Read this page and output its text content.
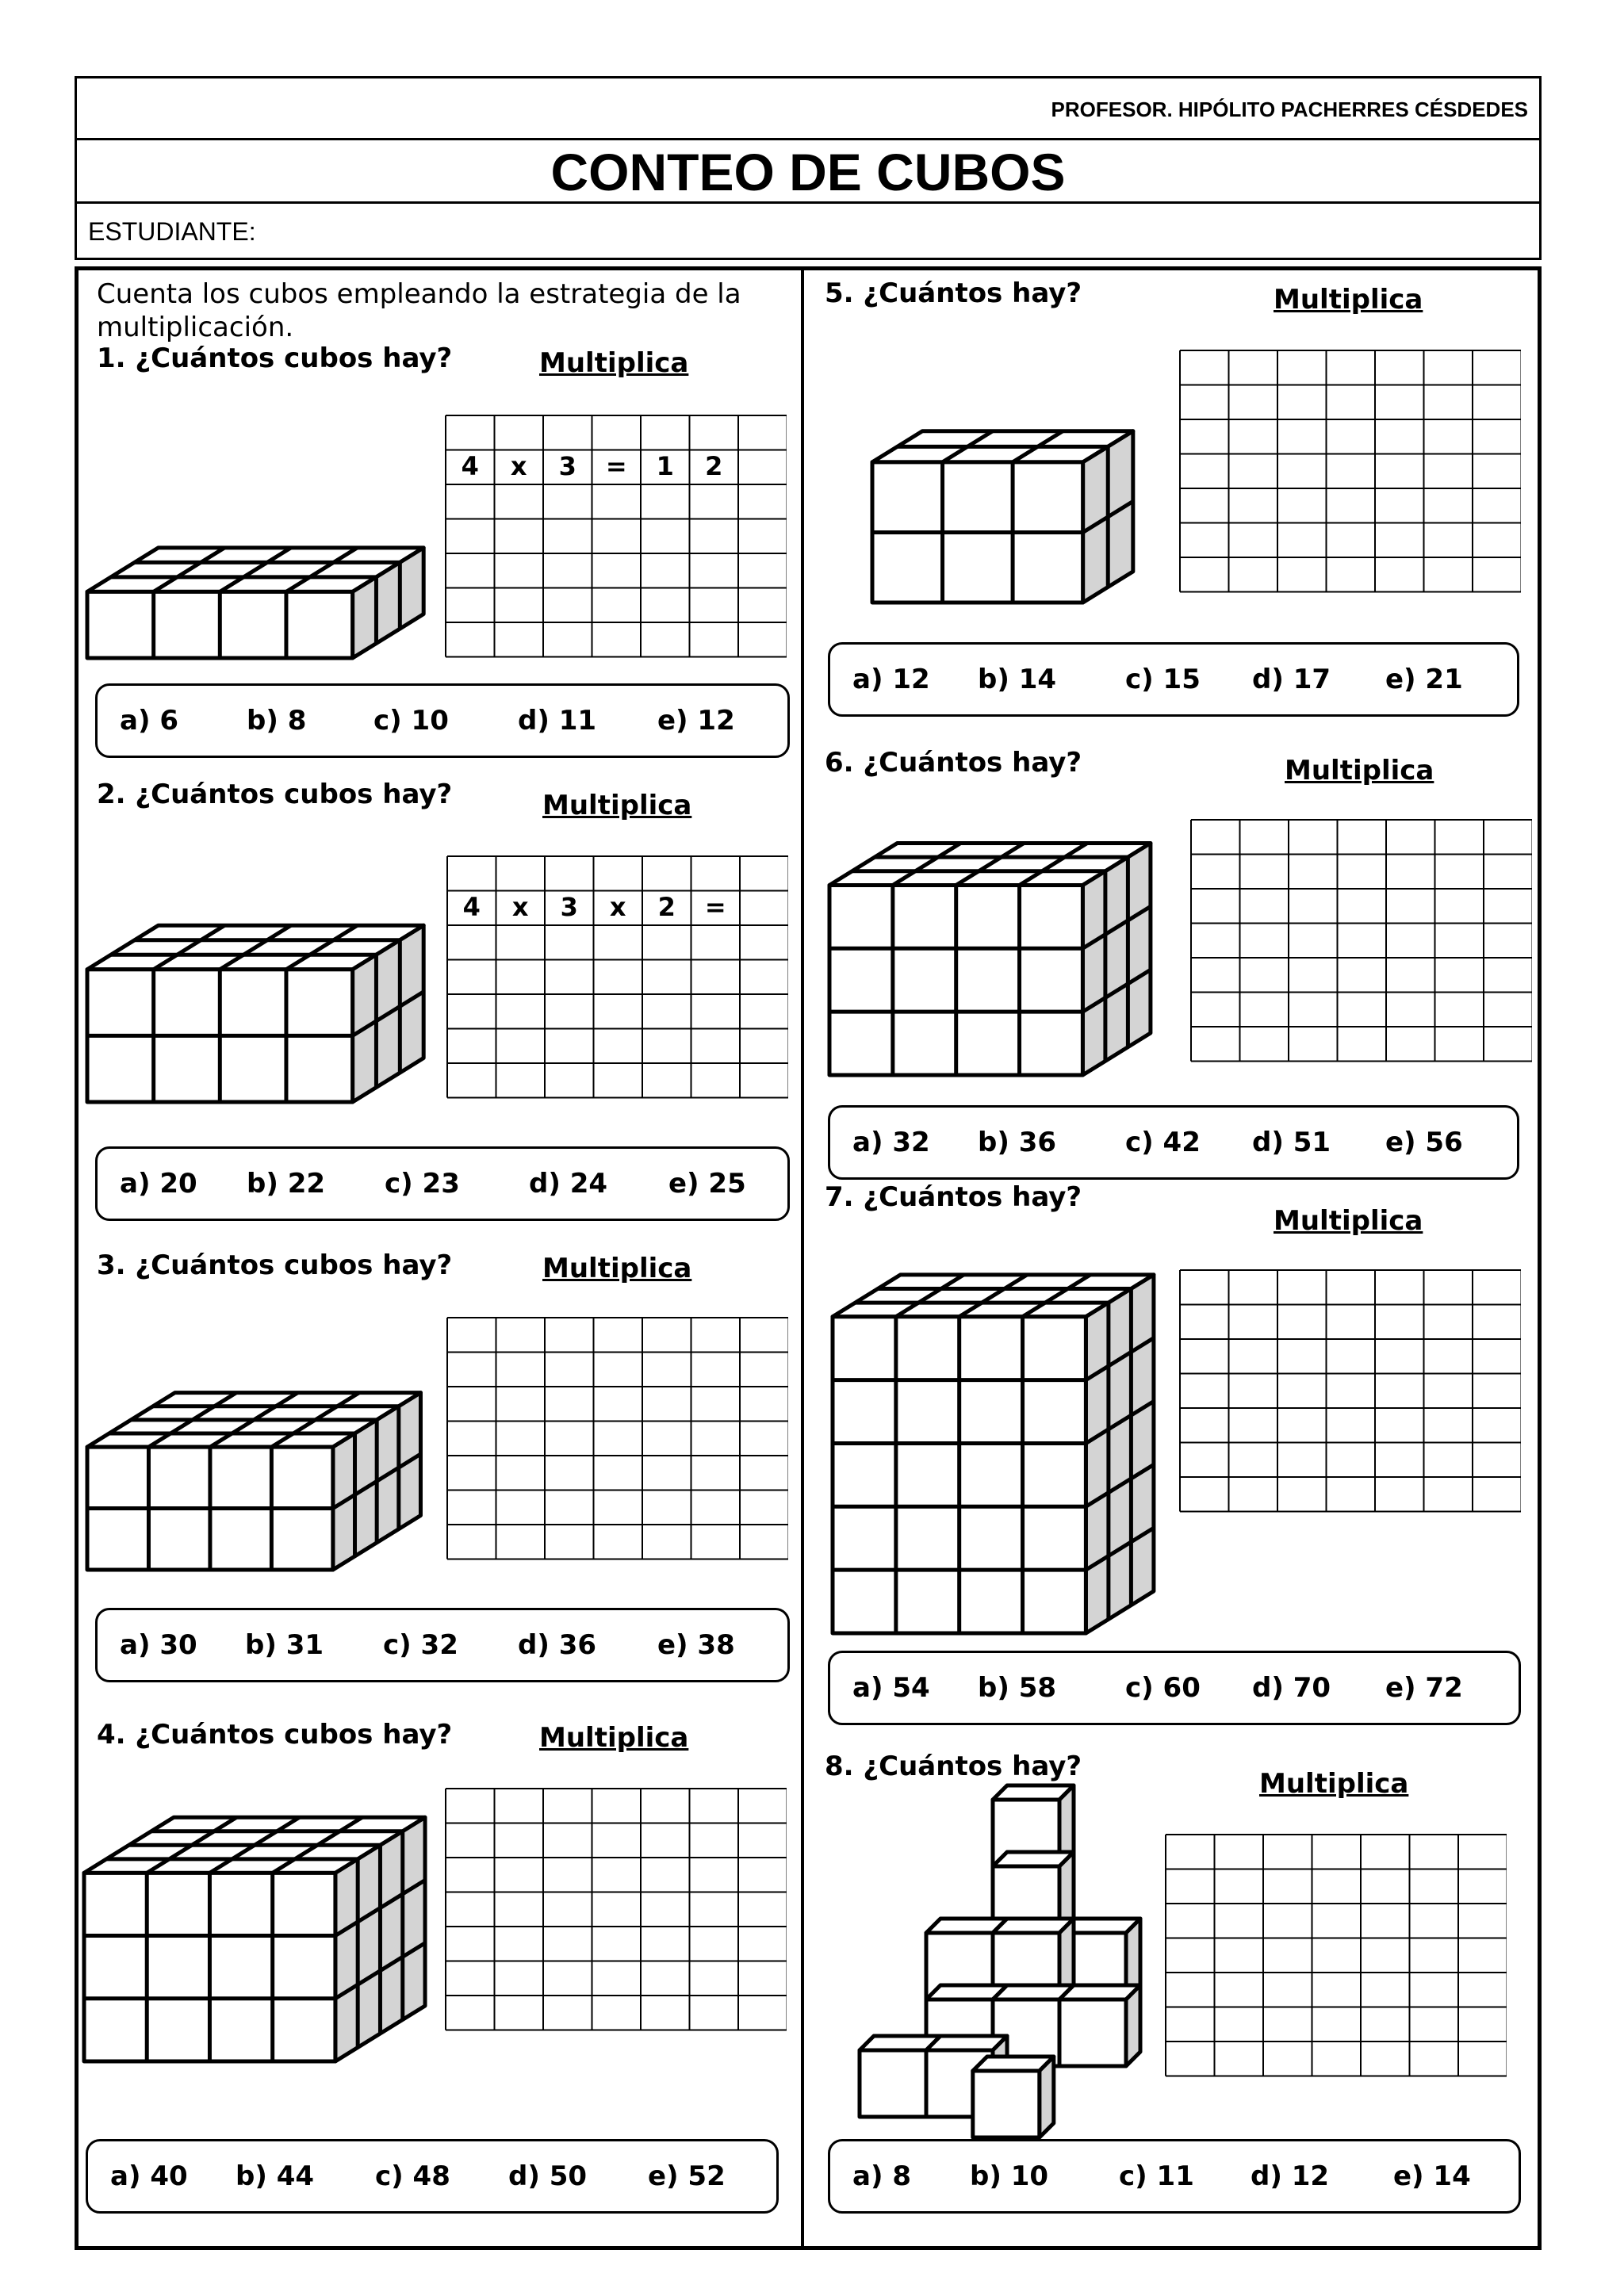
PROFESOR. HIPÓLITO PACHERRES CÉSDEDES
CONTEO DE CUBOS
ESTUDIANTE:
Cuenta los cubos empleando la estrategia de la multiplicación.
1. ¿Cuántos cubos hay?
2. ¿Cuántos cubos hay?
3. ¿Cuántos cubos hay?
4. ¿Cuántos cubos hay?
5. ¿Cuántos hay?
6. ¿Cuántos hay?
7. ¿Cuántos hay?
8. ¿Cuántos hay?
Multiplica
Multiplica
Multiplica
Multiplica
Multiplica
Multiplica
Multiplica
Multiplica
4 x 3 = 1 2
4 x 3 x 2 =
a) 6	b) 8 c) 10	d) 11 e) 12
a) 20 b) 22 c) 23	d) 24 e) 25
a) 30 b) 31 c) 32 d) 36 e) 38
a) 40 b) 44 c) 48 d) 50 e) 52
a) 12 b) 14	c) 15 d) 17 e) 21
a) 32 b) 36	c) 42 d) 51 e) 56
a) 54 b) 58	c) 60 d) 70 e) 72
a) 8 b) 10	c) 11 d) 12 e) 14
